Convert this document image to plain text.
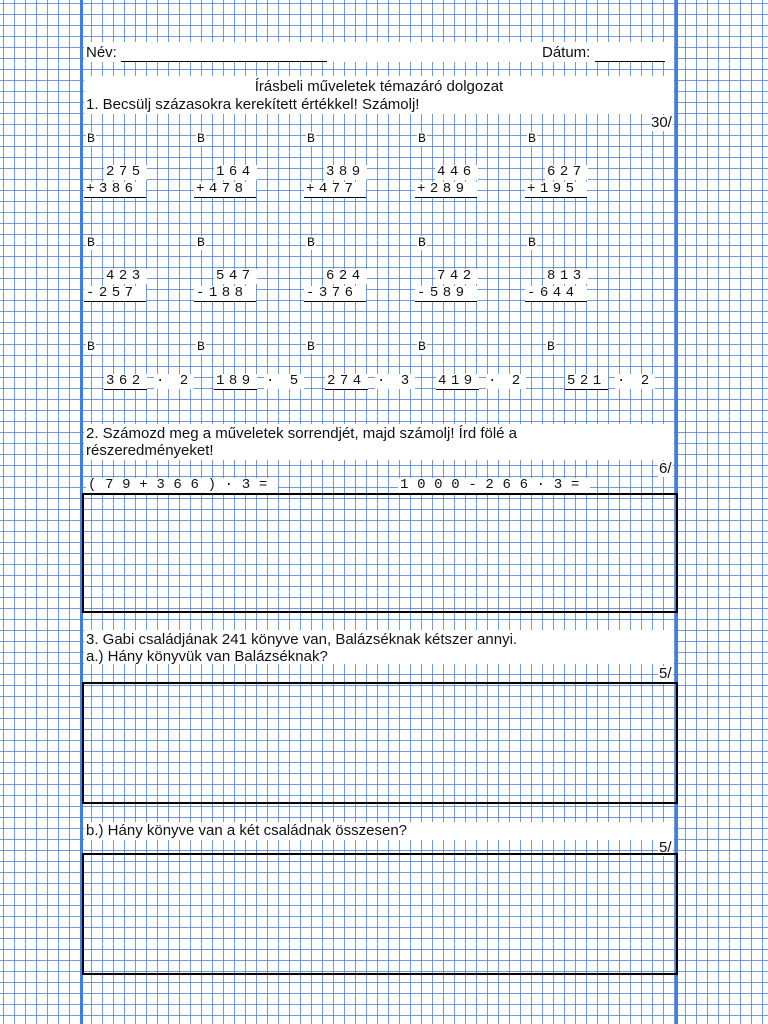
Név:	Dátum:
Írásbeli műveletek témazáró dolgozat
1. Becsülj százasokra kerekített értékkel! Számolj!
30/
B
275
+386
B
164
+478
B
389
+477
B
446
+289
B
627
+195
B
423
-257
B
547
-188
B
624
-376
B
742
-589
B
813
-644
B
362 · 2
B
189 · 5
B
274 · 3
B
419 · 2
B
521 · 2
2. Számozd meg a műveletek sorrendjét, majd számolj! Írd fölé a
részeredményeket!
6/
(79+366)·3=	1000-266·3=
3. Gabi családjának 241 könyve van, Balázséknak kétszer annyi.
a.) Hány könyvük van Balázséknak?
5/
b.) Hány könyve van a két családnak összesen?
5/
